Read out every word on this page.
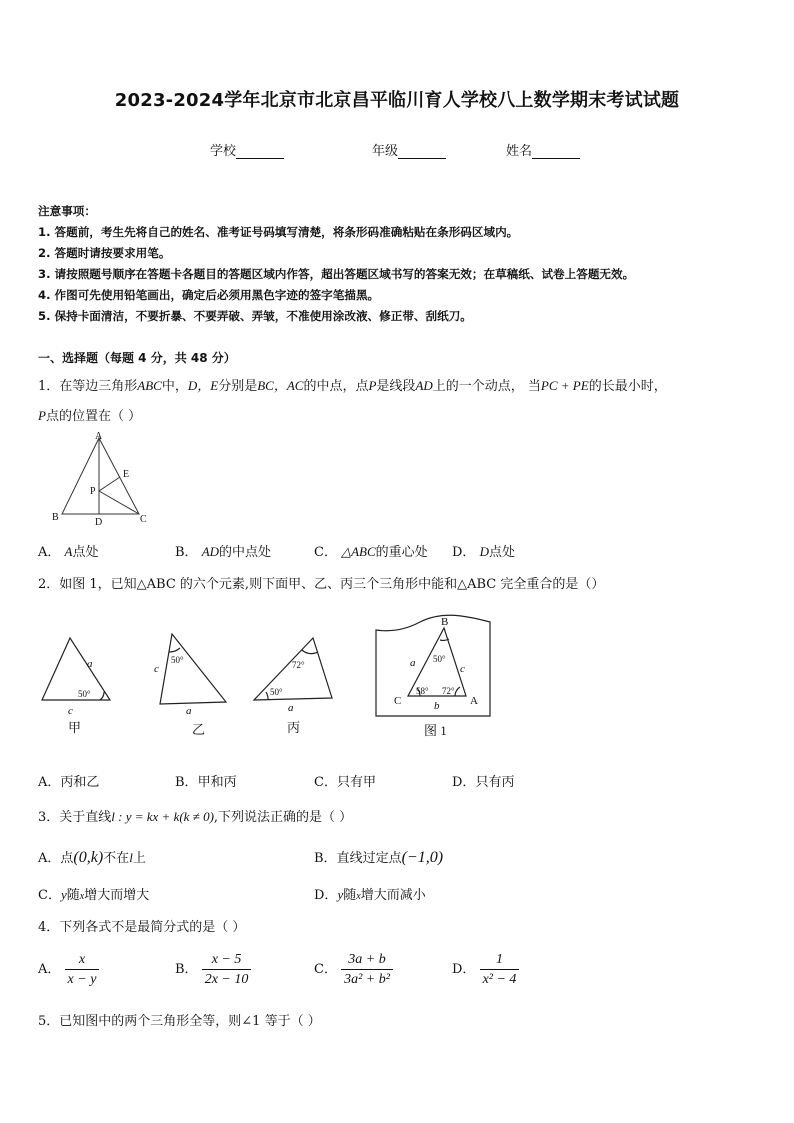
2023-2024学年北京市北京昌平临川育人学校八上数学期末考试试题
学校	年级	姓名
注意事项：
1. 答题前，考生先将自己的姓名、准考证号码填写清楚，将条形码准确粘贴在条形码区域内。
2. 答题时请按要求用笔。
3. 请按照题号顺序在答题卡各题目的答题区域内作答，超出答题区域书写的答案无效；在草稿纸、试卷上答题无效。
4. 作图可先使用铅笔画出，确定后必须用黑色字迹的签字笔描黑。
5. 保持卡面清洁，不要折暴、不要弄破、弄皱，不准使用涂改液、修正带、刮纸刀。
一、选择题（每题 4 分，共 48 分）
1．在等边三角形ABC中，D，E分别是BC，AC的中点，点P是线段AD上的一个动点， 当PC + PE的长最小时，
P点的位置在（ ）
A
E
P
B	D	C
A． A点处	B． AD的中点处	C． △ABC的重心处 D． D点处
2．如图 1，已知△ABC 的六个元素,则下面甲、乙、丙三个三角形中能和△ABC 完全重合的是（）
a
50°
c
c
50°
a
72°
50°
a
B
a	c
50°
58° 72°
C	A
b
甲	乙	丙	图 1
A．丙和乙	B．甲和丙	C．只有甲	D．只有丙
3．关于直线l : y = kx + k(k ≠ 0),下列说法正确的是（ ）
A．点(0,k)不在l上	B．直线过定点(−1,0)
C．y随x增大而增大	D．y随x增大而减小
4．下列各式不是最简分式的是（ ）
A． $\frac{x}{x - y}$	B． $\frac{x - 5}{2x - 10}$	C． $\frac{3a + b}{\text{3a² + b²}}$	D． $\frac{1}{\text{x² − 4}}$
5．已知图中的两个三角形全等，则∠1 等于（ ）
